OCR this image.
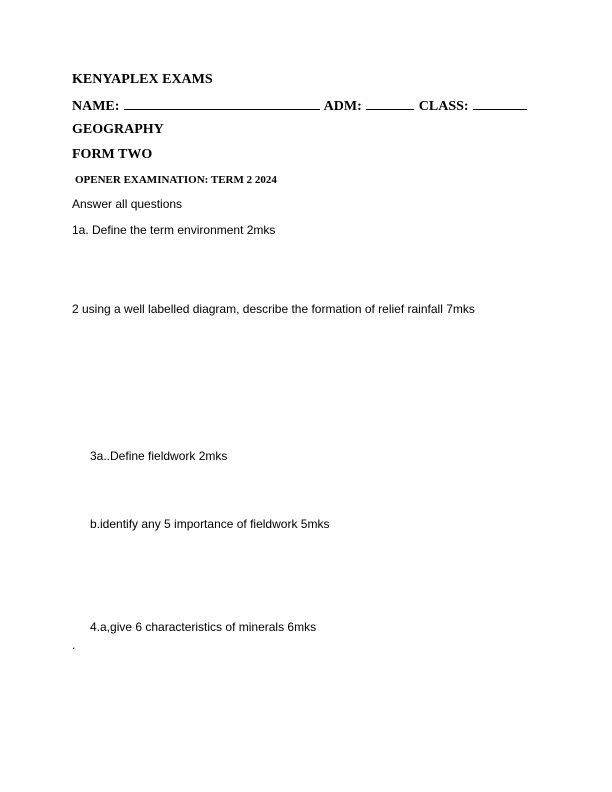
KENYAPLEX EXAMS
NAME:	ADM:	CLASS:
GEOGRAPHY
FORM TWO
OPENER EXAMINATION: TERM 2 2024
Answer all questions
1a. Define the term environment 2mks
2 using a well labelled diagram, describe the formation of relief rainfall 7mks
3a..Define fieldwork 2mks
b.identify any 5 importance of fieldwork 5mks
4.a,give 6 characteristics of minerals 6mks
.
